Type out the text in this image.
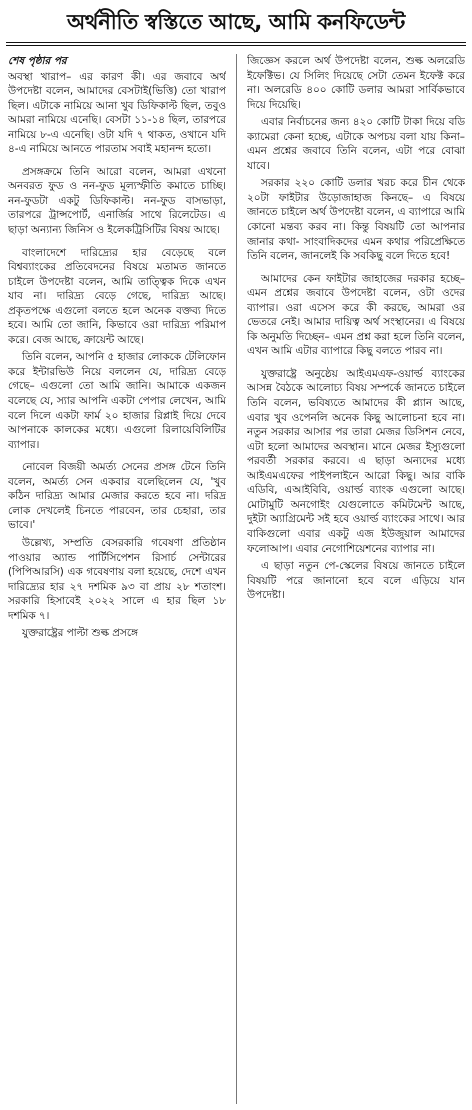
অর্থনীতি স্বস্তিতে আছে, আমি কনফিডেন্ট
শেষ পৃষ্ঠার পর

অবস্থা খারাপ– এর কারণ কী। এর জবাবে অর্থ উপদেষ্টা বলেন, আমাদের বেসটাই(ভিত্তি) তো খারাপ ছিল। এটাকে নামিয়ে আনা খুব ডিফিকাল্ট ছিল, তবুও আমরা নামিয়ে এনেছি। বেসটা ১১-১৪ ছিল, তারপরে নামিয়ে ৮-এ এনেছি। ওটা যদি ৭ থাকত, ওখানে যদি ৪-এ নামিয়ে আনতে পারতাম সবাই মহানন্দ হতো।

প্রসঙ্গক্রমে তিনি আরো বলেন, আমরা এখনো অনবরত ফুড ও নন-ফুড মূল্যস্ফীতি কমাতে চাচ্ছি। নন-ফুডটা একটু ডিফিকাল্ট। নন-ফুড বাসভাড়া, তারপরে ট্রান্সপোর্ট, এনার্জির সাথে রিলেটেড। এ ছাড়া অন্যান্য জিনিস ও ইলেকট্রিসিটির বিষয় আছে।

বাংলাদেশে দারিদ্র্যের হার বেড়েছে বলে বিশ্বব্যাংকের প্রতিবেদনের বিষয়ে মতামত জানতে চাইলে উপদেষ্টা বলেন, আমি তাত্ত্বিক দিকে এখন যাব না। দারিদ্র্য বেড়ে গেছে, দারিদ্র্য আছে। প্রকৃতপক্ষে এগুলো বলতে হলে অনেক বক্তব্য দিতে হবে। আমি তো জানি, কিভাবে ওরা দারিদ্র্য পরিমাপ করে। বেজ আছে, ক্রায়েন্ট আছে।

তিনি বলেন, আপনি ৫ হাজার লোককে টেলিফোন করে ইন্টারভিউ নিয়ে বললেন যে, দারিদ্র্য বেড়ে গেছে– এগুলো তো আমি জানি। আমাকে একজন বলেছে যে, স্যার আপনি একটা পেপার লেখেন, আমি বলে দিলে একটা ফার্ম ২০ হাজার রিপ্লাই দিয়ে দেবে আপনাকে কালকের মধ্যে। এগুলো রিলায়েবিলিটির ব্যাপার।

নোবেল বিজয়ী অমর্ত্য সেনের প্রসঙ্গ টেনে তিনি বলেন, অমর্ত্য সেন একবার বলেছিলেন যে, 'খুব কঠিন দারিদ্র্য আমার মেজার করতে হবে না। দরিদ্র লোক দেখলেই চিনতে পারবেন, তার চেহারা, তার ভাবে।'

উল্লেখ্য, সম্প্রতি বেসরকারি গবেষণা প্রতিষ্ঠান পাওয়ার অ্যান্ড পার্টিসিপেশন রিসার্চ সেন্টারের (পিপিআরসি) এক গবেষণায় বলা হয়েছে, দেশে এখন দারিদ্র্যের হার ২৭ দশমিক ৯৩ বা প্রায় ২৮ শতাংশ। সরকারি হিসাবেই ২০২২ সালে এ হার ছিল ১৮ দশমিক ৭।

যুক্তরাষ্ট্রের পাল্টা শুল্ক প্রসঙ্গে

জিজ্ঞেস করলে অর্থ উপদেষ্টা বলেন, শুল্ক অলরেডি ইফেক্টিভ। যে সিলিং দিয়েছে সেটা তেমন ইফেক্ট করে না। অলরেডি ৪০০ কোটি ডলার আমরা সার্বিকভাবে দিয়ে দিয়েছি।

এবার নির্বাচনের জন্য ৪২০ কোটি টাকা দিয়ে বডি ক্যামেরা কেনা হচ্ছে, এটাকে অপচয় বলা যায় কিনা–এমন প্রশ্নের জবাবে তিনি বলেন, এটা পরে বোঝা যাবে।

সরকার ২২০ কোটি ডলার খরচ করে চীন থেকে ২০টা ফাইটার উড়োজাহাজ কিনছে– এ বিষয়ে জানতে চাইলে অর্থ উপদেষ্টা বলেন, এ ব্যাপারে আমি কোনো মন্তব্য করব না। কিন্তু বিষয়টি তো আপনার জানার কথা- সাংবাদিকদের এমন কথার পরিপ্রেক্ষিতে তিনি বলেন, জানলেই কি সবকিছু বলে দিতে হবে!

আমাদের কেন ফাইটার জাহাজের দরকার হচ্ছে– এমন প্রশ্নের জবাবে উপদেষ্টা বলেন, ওটা ওদের ব্যাপার। ওরা এসেস করে কী করছে, আমরা ওর ভেতরে নেই। আমার দায়িত্ব অর্থ সংস্থানের। এ বিষয়ে কি অনুমতি দিচ্ছেন– এমন প্রশ্ন করা হলে তিনি বলেন, এখন আমি এটার ব্যাপারে কিছু বলতে পারব না।

যুক্তরাষ্ট্রে অনুষ্ঠেয় আইএমএফ-ওয়ার্ল্ড ব্যাংকের আসন্ন বৈঠকে আলোচ্য বিষয় সম্পর্কে জানতে চাইলে তিনি বলেন, ভবিষ্যতে আমাদের কী প্ল্যান আছে, এবার খুব ওপেনলি অনেক কিছু আলোচনা হবে না। নতুন সরকার আসার পর তারা মেজর ডিসিশন নেবে, এটা হলো আমাদের অবস্থান। মানে মেজর ইস্যুগুলো পরবর্তী সরকার করবে। এ ছাড়া অন্যদের মধ্যে আইএমএফের পাইপলাইনে আরো কিছু। আর বাকি এডিবি, এআইবিবি, ওয়ার্ল্ড ব্যাংক এগুলো আছে। মোটামুটি অনগোইং যেগুলোতে কমিটমেন্ট আছে, দুইটা অ্যাগ্রিমেন্ট সই হবে ওয়ার্ল্ড ব্যাংকের সাথে। আর বাকিগুলো এবার একটু এজ ইউজুয়াল আমাদের ফলোআপ। এবার নেগোশিয়েশনের ব্যাপার না।

এ ছাড়া নতুন পে-স্কেলের বিষয়ে জানতে চাইলে বিষয়টি পরে জানানো হবে বলে এড়িয়ে যান উপদেষ্টা।
